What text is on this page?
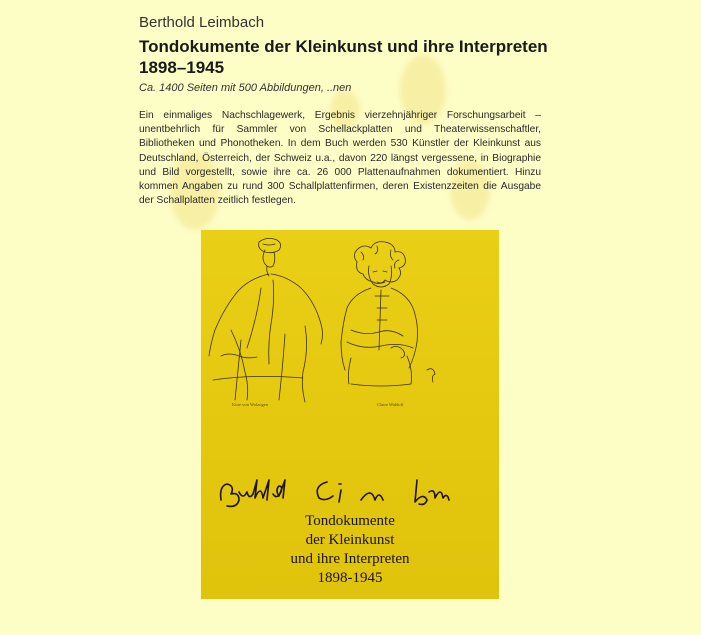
Berthold Leimbach
Tondokumente der Kleinkunst und ihre Interpreten
1898–1945
Ca. 1400 Seiten mit 500 Abbildungen, ..nen
Ein einmaliges Nachschlagewerk, Ergebnis vierzehnjähriger Forschungsarbeit – unentbehrlich für Sammler von Schellackplatten und Theaterwissenschaftler, Bibliotheken und Phonotheken. In dem Buch werden 530 Künstler der Kleinkunst aus Deutschland, Österreich, der Schweiz u.a., davon 220 längst vergessene, in Biographie und Bild vorgestellt, sowie ihre ca. 26 000 Plattenaufnahmen dokumentiert. Hinzu kommen Angaben zu rund 300 Schallplattenfirmen, deren Existenzzeiten die Ausgabe der Schallplatten zeitlich festlegen.
Kitte von Wolzogen	Claire Waldoff
Tondokumente
der Kleinkunst
und ihre Interpreten
1898-1945
